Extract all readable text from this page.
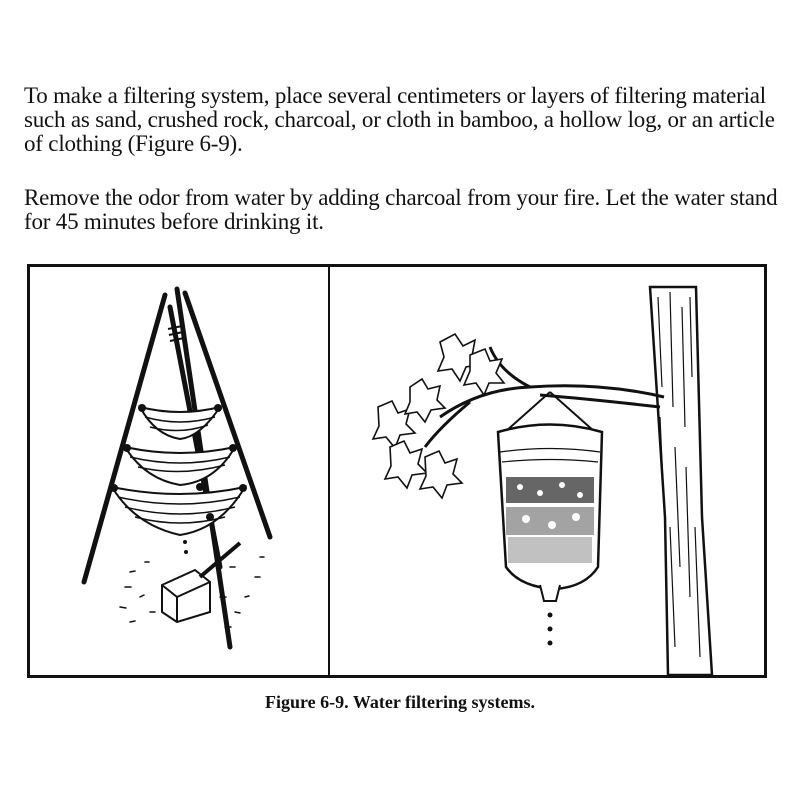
To make a filtering system, place several centimeters or layers of filtering material such as sand, crushed rock, charcoal, or cloth in bamboo, a hollow log, or an article of clothing (Figure 6-9).

Remove the odor from water by adding charcoal from your fire. Let the water stand for 45 minutes before drinking it.

Figure 6-9. Water filtering systems.
